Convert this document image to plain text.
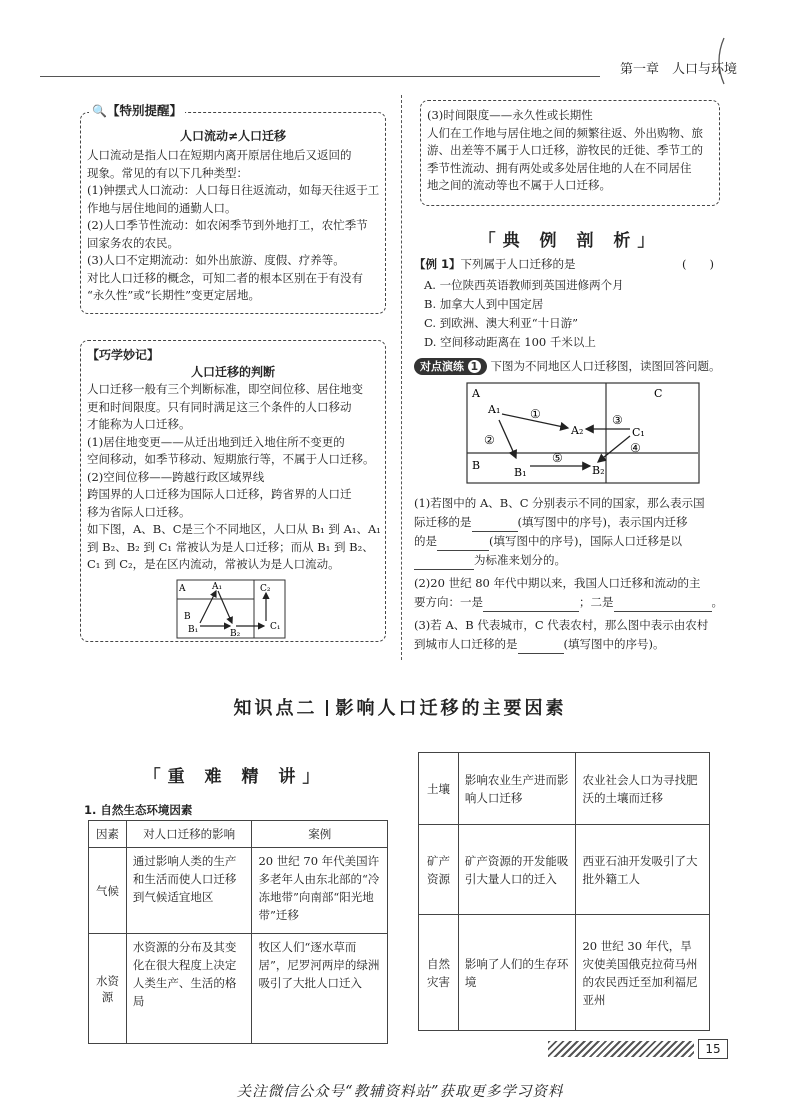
第一章　人口与环境
🔍【特别提醒】
人口流动≠人口迁移
人口流动是指人口在短期内离开原居住地后又返回的
现象。常见的有以下几种类型：
(1)钟摆式人口流动：人口每日往返流动，如每天往返于工
作地与居住地间的通勤人口。
(2)人口季节性流动：如农闲季节到外地打工，农忙季节
回家务农的农民。
(3)人口不定期流动：如外出旅游、度假、疗养等。
对比人口迁移的概念，可知二者的根本区别在于有没有
“永久性”或“长期性”变更定居地。
【巧学妙记】
人口迁移的判断
人口迁移一般有三个判断标准，即空间位移、居住地变
更和时间限度。只有同时满足这三个条件的人口移动
才能称为人口迁移。
(1)居住地变更——从迁出地到迁入地住所不变更的
空间移动，如季节移动、短期旅行等，不属于人口迁移。
(2)空间位移——跨越行政区域界线
跨国界的人口迁移为国际人口迁移，跨省界的人口迁
移为省际人口迁移。
如下图，A、B、C是三个不同地区，人口从 B₁ 到 A₁、A₁
到 B₂、B₂ 到 C₁ 常被认为是人口迁移；而从 B₁ 到 B₂、
C₁ 到 C₂，是在区内流动，常被认为是人口流动。
A	A₁
B
B₁	B₂
C₂
C₁
(3)时间限度——永久性或长期性
人们在工作地与居住地之间的频繁往返、外出购物、旅
游、出差等不属于人口迁移，游牧民的迁徙、季节工的
季节性流动、拥有两处或多处居住地的人在不同居住
地之间的流动等也不属于人口迁移。
「典 例 剖 析」
【例 1】下列属于人口迁移的是	(　　)
A. 一位陕西英语教师到英国进修两个月
B. 加拿大人到中国定居
C. 到欧洲、澳大利亚“十日游”
D. 空间移动距离在 100 千米以上
对点演练 1 下图为不同地区人口迁移图，读图回答问题。
A	C
B
A₁
A₂	C₁
B₁	B₂
①
②
③
④
⑤
(1)若图中的 A、B、C 分别表示不同的国家，那么表示国
际迁移的是	(填写图中的序号)，表示国内迁移
的是	(填写图中的序号)，国际人口迁移是以
为标准来划分的。
(2)20 世纪 80 年代中期以来，我国人口迁移和流动的主
要方向：一是	；二是	。
(3)若 A、B 代表城市，C 代表农村，那么图中表示由农村
到城市人口迁移的是	(填写图中的序号)。
知识点二 影响人口迁移的主要因素
「重 难 精 讲」
1. 自然生态环境因素
因素	对人口迁移的影响	案例
气候	通过影响人类的生产和生活而使人口迁移到气候适宜地区	20 世纪 70 年代美国许多老年人由东北部的“冷冻地带”向南部“阳光地带”迁移
水资源	水资源的分布及其变化在很大程度上决定人类生产、生活的格局	牧区人们“逐水草而居”，尼罗河两岸的绿洲吸引了大批人口迁入
土壤	影响农业生产进而影响人口迁移	农业社会人口为寻找肥沃的土壤而迁移
矿产资源	矿产资源的开发能吸引大量人口的迁入	西亚石油开发吸引了大批外籍工人
自然灾害	影响了人们的生存环境	20 世纪 30 年代，旱灾使美国俄克拉荷马州的农民西迁至加利福尼亚州
15
关注微信公众号“教辅资料站”获取更多学习资料
